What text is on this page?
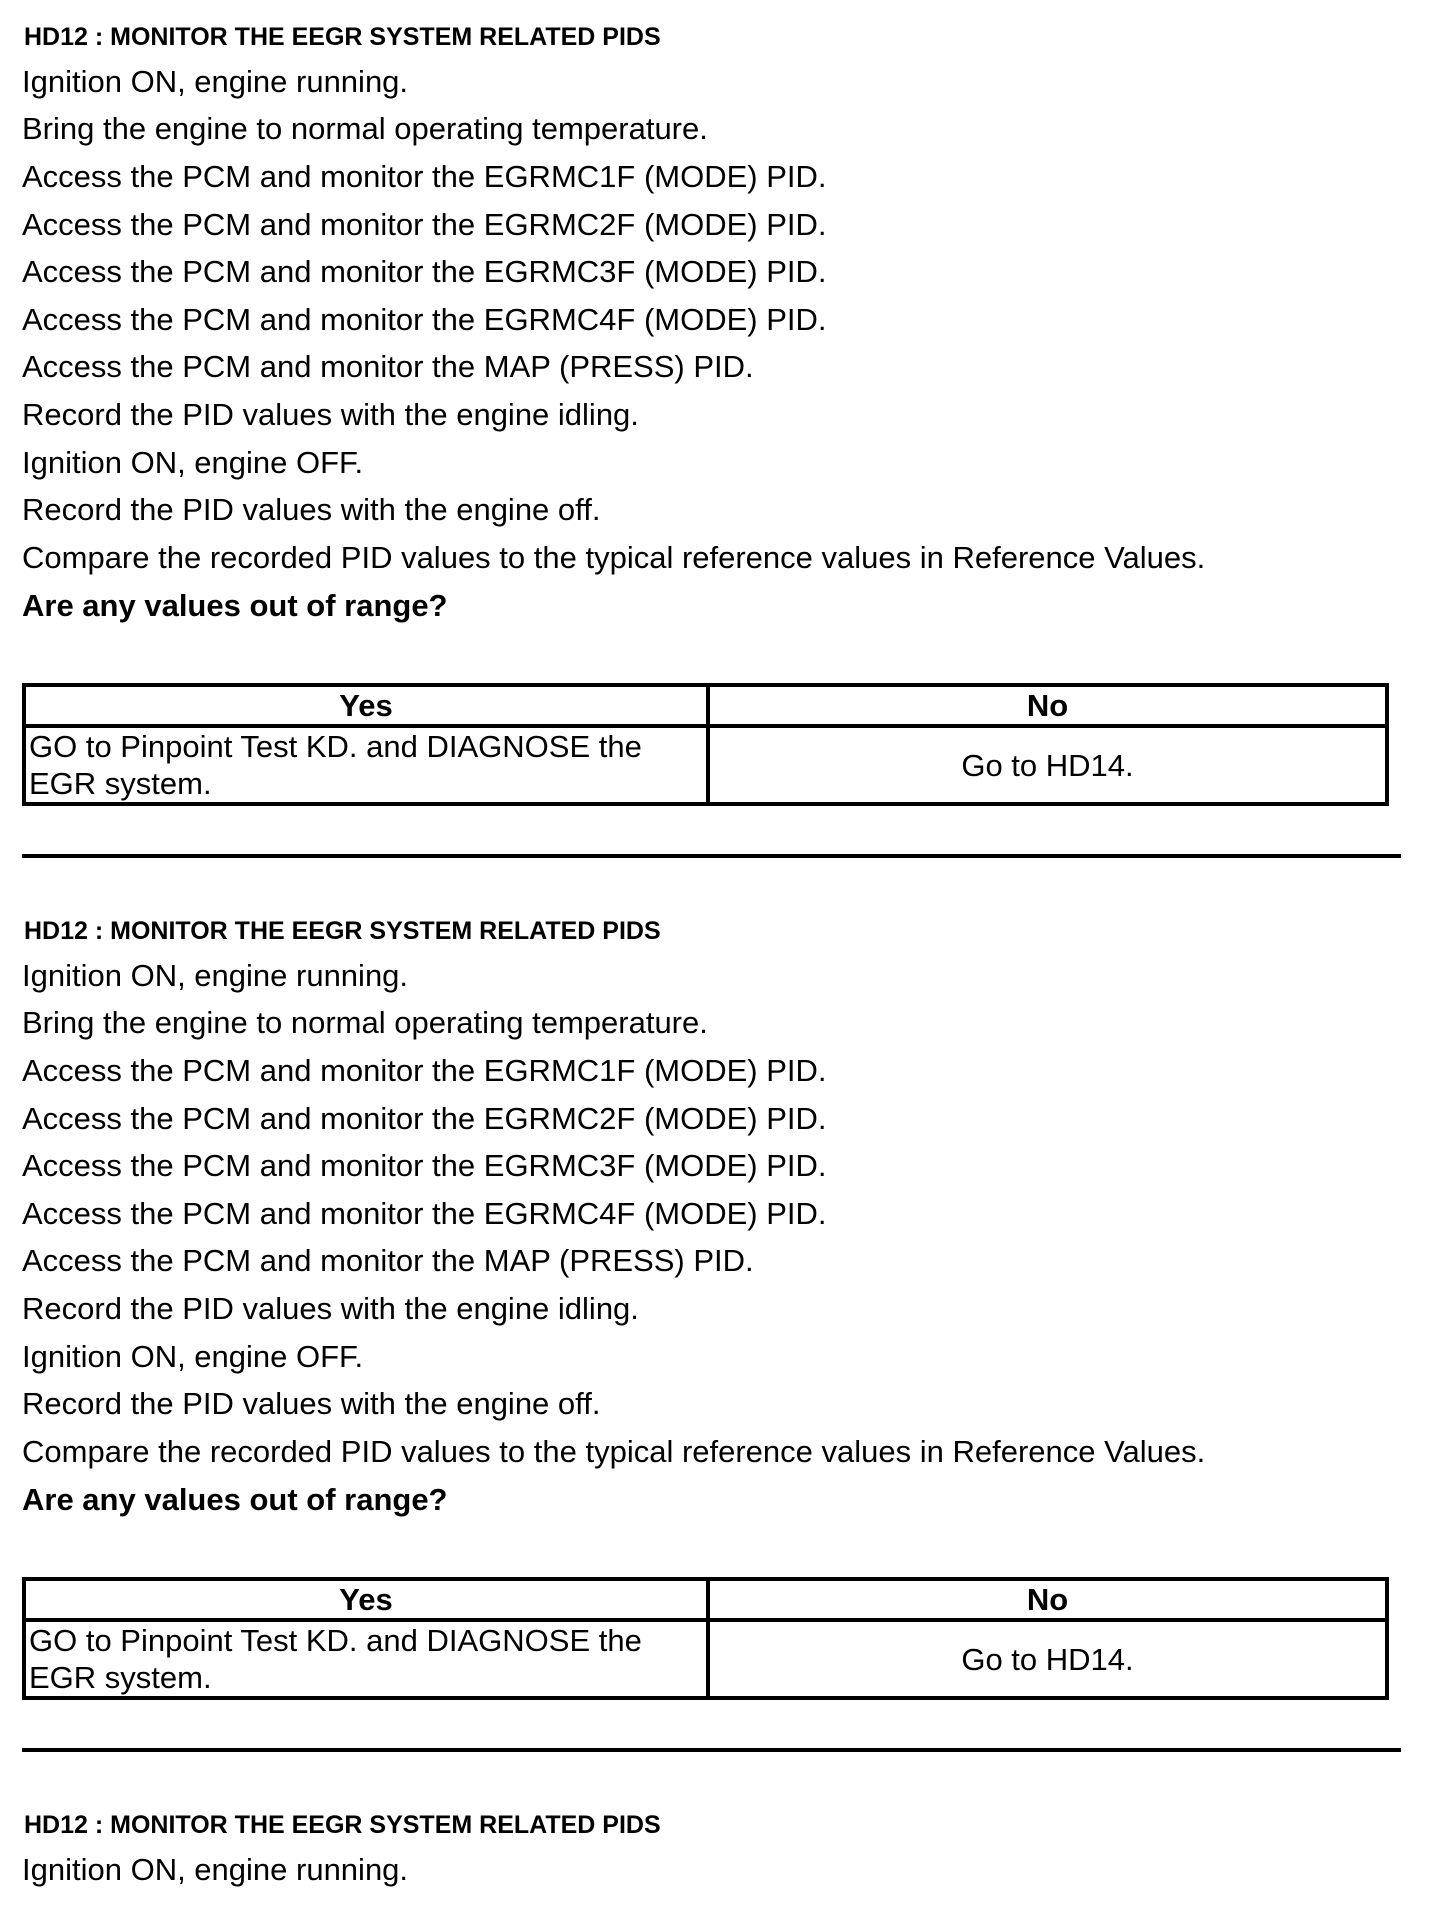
HD12 : MONITOR THE EEGR SYSTEM RELATED PIDS
Ignition ON, engine running.
Bring the engine to normal operating temperature.
Access the PCM and monitor the EGRMC1F (MODE) PID.
Access the PCM and monitor the EGRMC2F (MODE) PID.
Access the PCM and monitor the EGRMC3F (MODE) PID.
Access the PCM and monitor the EGRMC4F (MODE) PID.
Access the PCM and monitor the MAP (PRESS) PID.
Record the PID values with the engine idling.
Ignition ON, engine OFF.
Record the PID values with the engine off.
Compare the recorded PID values to the typical reference values in Reference Values.
Are any values out of range?
Yes	No
GO to Pinpoint Test KD. and DIAGNOSE the EGR system.	Go to HD14.
HD12 : MONITOR THE EEGR SYSTEM RELATED PIDS
Ignition ON, engine running.
Bring the engine to normal operating temperature.
Access the PCM and monitor the EGRMC1F (MODE) PID.
Access the PCM and monitor the EGRMC2F (MODE) PID.
Access the PCM and monitor the EGRMC3F (MODE) PID.
Access the PCM and monitor the EGRMC4F (MODE) PID.
Access the PCM and monitor the MAP (PRESS) PID.
Record the PID values with the engine idling.
Ignition ON, engine OFF.
Record the PID values with the engine off.
Compare the recorded PID values to the typical reference values in Reference Values.
Are any values out of range?
Yes	No
GO to Pinpoint Test KD. and DIAGNOSE the EGR system.	Go to HD14.
HD12 : MONITOR THE EEGR SYSTEM RELATED PIDS
Ignition ON, engine running.
